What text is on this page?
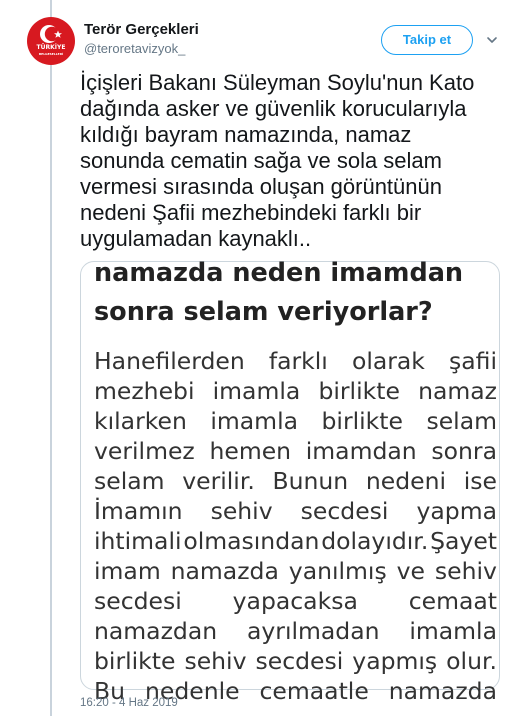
TÜRKİYE
BELGESELLERİ
Terör Gerçekleri
@teroretavizyok_
Takip et
İçişleri Bakanı Süleyman Soylu'nun Kato
dağında asker ve güvenlik korucularıyla
kıldığı bayram namazında, namaz
sonunda cematin sağa ve sola selam
vermesi sırasında oluşan görüntünün
nedeni Şafii mezhebindeki farklı bir
uygulamadan kaynaklı..
namazda neden imamdan
sonra selam veriyorlar?
Hanefilerden farklı olarak şafii
mezhebi imamla birlikte namaz
kılarken imamla birlikte selam
verilmez hemen imamdan sonra
selam verilir. Bunun nedeni ise
İmamın sehiv secdesi yapma
ihtimali olmasından dolayıdır. Şayet
imam namazda yanılmış ve sehiv
secdesi yapacaksa cemaat
namazdan ayrılmadan imamla
birlikte sehiv secdesi yapmış olur.
Bu nedenle cemaatle namazda
16:20 - 4 Haz 2019
